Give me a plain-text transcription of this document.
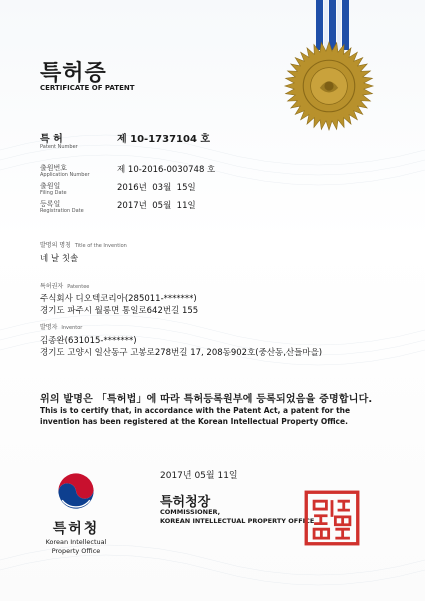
특허증
CERTIFICATE OF PATENT
특 허
Patent Number
제 10-1737104 호
출원번호
Application Number	제 10-2016-0030748 호
출원일
Filing Date	2016년  03월  15일
등록일
Registration Date	2017년  05월  11일
발명의 명칭 Title of the Invention
네 날 칫솔
특허권자 Patentee
주식회사 디오텍코리아(285011-*******)
경기도 파주시 월롱면 통일로642번길 155
발명자 Inventor
김종완(631015-*******)
경기도 고양시 일산동구 고봉로278번길 17, 208동902호(중산동,산들마을)
위의 발명은 「특허법」에 따라 특허등록원부에 등록되었음을 증명합니다.
This is to certify that, in accordance with the Patent Act, a patent for the invention has been registered at the Korean Intellectual Property Office.
2017년 05월 11일
특허청장
COMMISSIONER,
KOREAN INTELLECTUAL PROPERTY OFFICE
특허청
Korean Intellectual
Property Office
